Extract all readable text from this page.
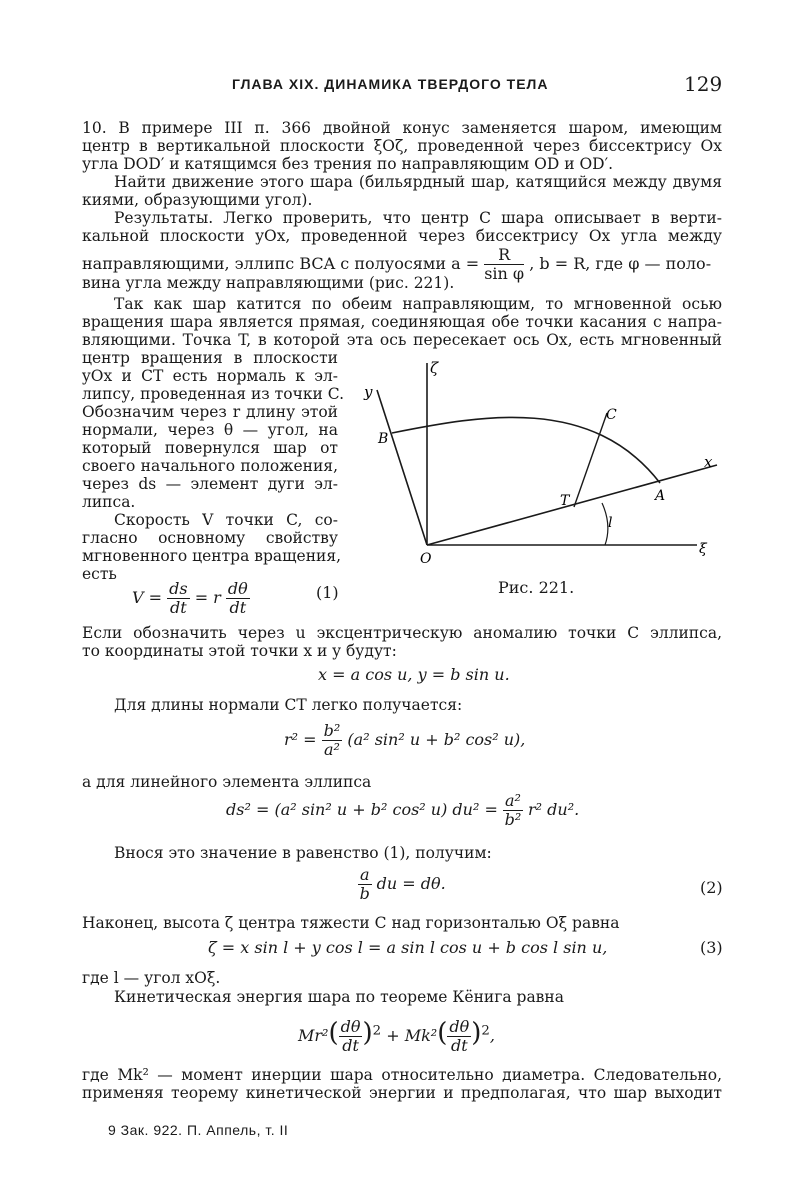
ГЛАВА XIX. ДИНАМИКА ТВЕРДОГО ТЕЛА	129
10. В примере III п. 366 двойной конус заменяется шаром, имеющим
центр в вертикальной плоскости ξOζ, проведенной через биссектрису Ox
угла DOD′ и катящимся без трения по направляющим OD и OD′.
Найти движение этого шара (бильярдный шар, катящийся между двумя
киями, образующими угол).
Результаты. Легко проверить, что центр C шара описывает в верти-
кальной плоскости yOx, проведенной через биссектрису Ox угла между
направляющими, эллипс BCA с полуосями $a = \frac{R}{\text{sin φ}}$ , b = R, где φ — поло-
вина угла между направляющими (рис. 221).
Так как шар катится по обеим направляющим, то мгновенной осью
вращения шара является прямая, соединяющая обе точки касания с напра-
вляющими. Точка T, в которой эта ось пересекает ось Ox, есть мгновенный
центр вращения в плоскости
yOx и CT есть нормаль к эл-
липсу, проведенная из точки C.
Обозначим через r длину этой
нормали, через θ — угол, на
который повернулся шар от
своего начального положения,
через ds — элемент дуги эл-
липса.
Скорость V точки C, со-
гласно основному свойству
мгновенного центра вращения,
есть
$V = \frac{ds}{dt} = r \frac{d\theta}{dt}$	(1)
ζ
y
B
C
x
T	A
l
O
ξ
Рис. 221.
Если обозначить через u эксцентрическую аномалию точки C эллипса,
то координаты этой точки x и y будут:
x = a cos u, y = b sin u.
Для длины нормали CT легко получается:
$r^2 = \frac{\text{b²}}{\text{a²}} (a^2$ sin² u + b² cos² u),
а для линейного элемента эллипса
ds² = (a² sin² u + b² cos² u) $du^2 = \frac{\text{a²}}{\text{b²}} r^2$ du².
Внося это значение в равенство (1), получим:
$\frac{a}{b}$ du = dθ.	(2)
Наконец, высота ζ центра тяжести C над горизонталью Oξ равна
ζ = x sin l + y cos l = a sin l cos u + b cos l sin u,	(3)
где l — угол xOξ.
Кинетическая энергия шара по теореме Кёнига равна
$Mr^2( \frac{d\theta}{dt} )^2 + Mk^2( \frac{d\theta}{dt} )^2$,
где Mk² — момент инерции шара относительно диаметра. Следовательно,
применяя теорему кинетической энергии и предполагая, что шар выходит
9 Зак. 922. П. Аппель, т. II
